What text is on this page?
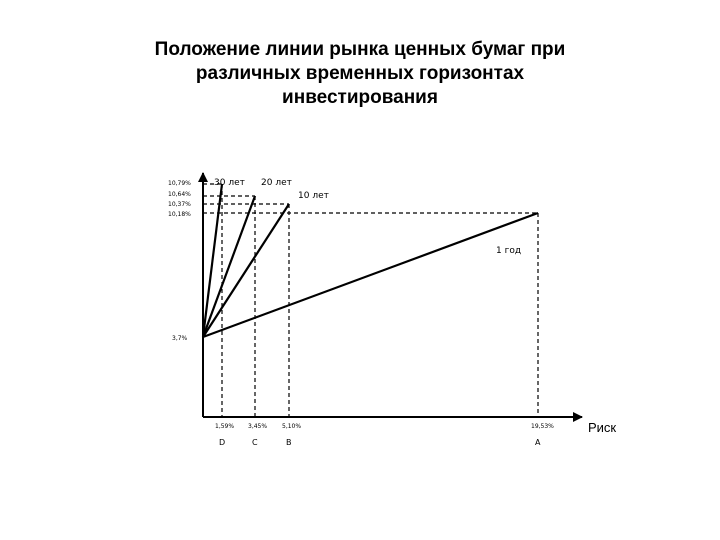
Положение линии рынка ценных бумаг при
различных временных горизонтах
инвестирования
30 лет 20 лет
10 лет
1 год
10,79%
10,64%
10,37%
10,18%
3,7%
1,59% 3,45% 5,10%	19,53%
D	C	B	A
Риск
